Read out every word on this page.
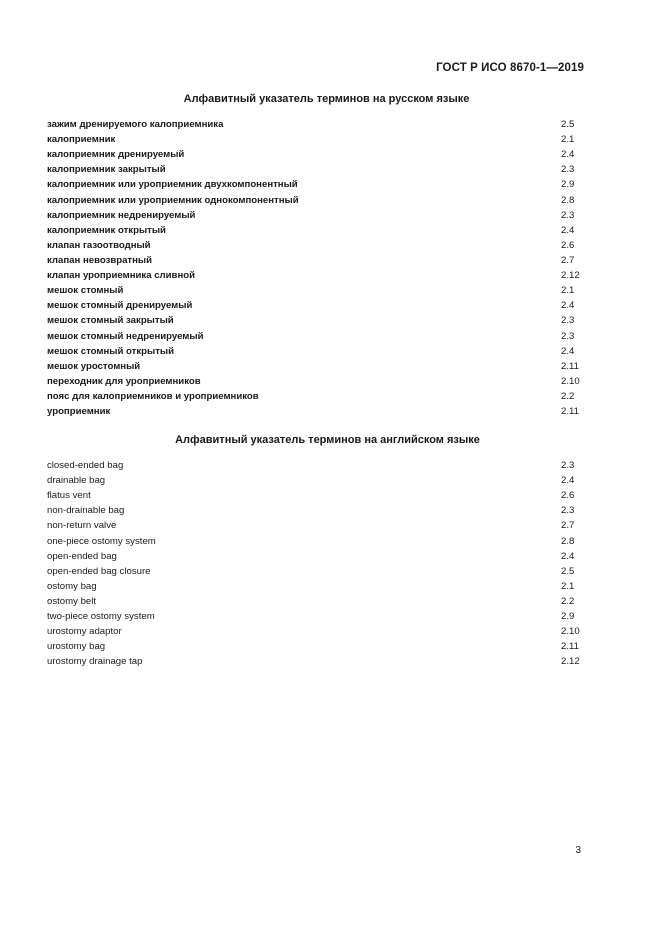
ГОСТ Р ИСО 8670-1—2019
Алфавитный указатель терминов на русском языке
зажим дренируемого калоприемника	2.5
калоприемник	2.1
калоприемник дренируемый	2.4
калоприемник закрытый	2.3
калоприемник или уроприемник двухкомпонентный	2.9
калоприемник или уроприемник однокомпонентный	2.8
калоприемник недренируемый	2.3
калоприемник открытый	2.4
клапан газоотводный	2.6
клапан невозвратный	2.7
клапан уроприемника сливной	2.12
мешок стомный	2.1
мешок стомный дренируемый	2.4
мешок стомный закрытый	2.3
мешок стомный недренируемый	2.3
мешок стомный открытый	2.4
мешок уростомный	2.11
переходник для уроприемников	2.10
пояс для калоприемников и уроприемников	2.2
уроприемник	2.11
Алфавитный указатель терминов на английском языке
closed-ended bag	2.3
drainable bag	2.4
flatus vent	2.6
non-drainable bag	2.3
non-return valve	2.7
one-piece ostomy system	2.8
open-ended bag	2.4
open-ended bag closure	2.5
ostomy bag	2.1
ostomy belt	2.2
two-piece ostomy system	2.9
urostomy adaptor	2.10
urostomy bag	2.11
urostomy drainage tap	2.12
3
